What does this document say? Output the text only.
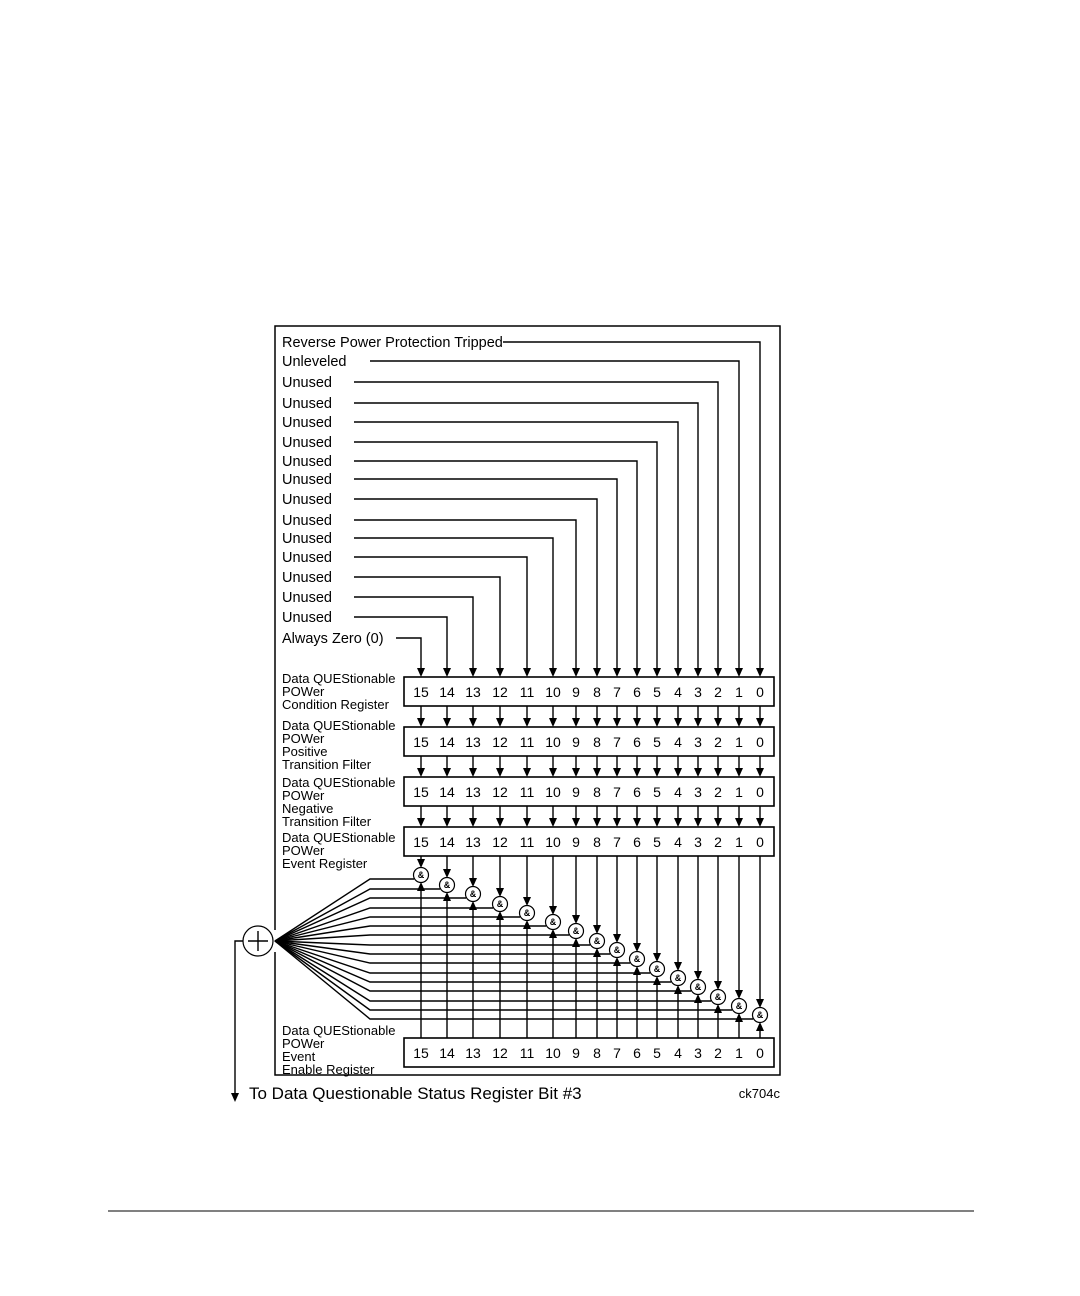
Reverse Power Protection Tripped
Unleveled
Unused
Unused
Unused
Unused
Unused
Unused
Unused
Unused
Unused
Unused
Unused
Unused
Unused
Always Zero (0)
Data QUEStionable
POWer
Condition Register
15 14 13 12 11 10 9 8 7 6 5 4 3 2 1 0
Data QUEStionable
POWer
Positive
Transition Filter
15 14 13 12 11 10 9 8 7 6 5 4 3 2 1 0
Data QUEStionable
POWer
Negative
Transition Filter
15 14 13 12 11 10 9 8 7 6 5 4 3 2 1 0
Data QUEStionable
POWer
Event Register
15 14 13 12 11 10 9 8 7 6 5 4 3 2 1 0
Data QUEStionable
POWer
Event
Enable Register
15 14 13 12 11 10 9 8 7 6 5 4 3 2 1 0
&
&
&
&
&
&
&
&
&
&
&
&
&
&
&
&
To Data Questionable Status Register Bit #3	ck704c
